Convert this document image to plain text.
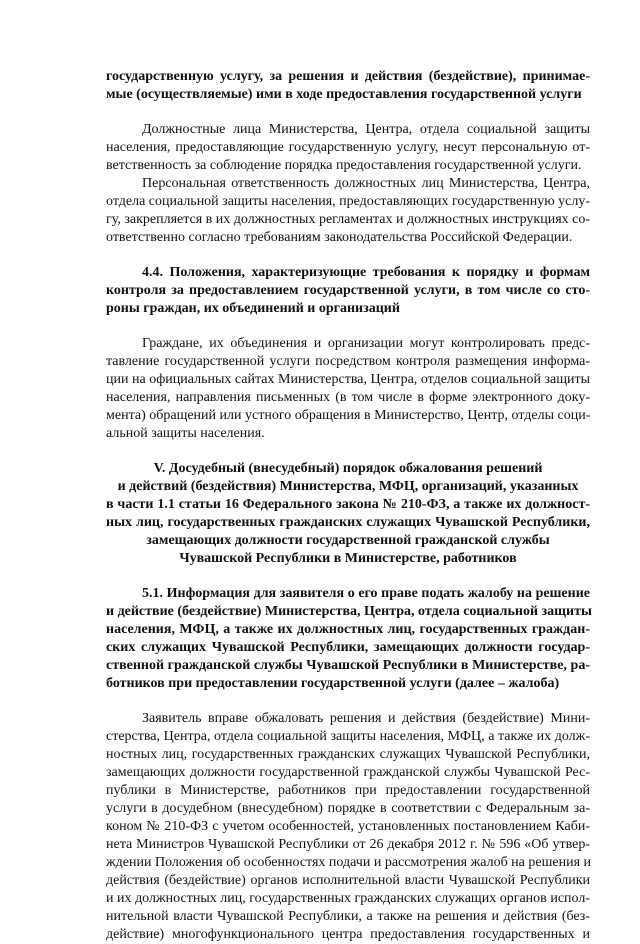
государственную услугу, за решения и действия (бездействие), принимае-
мые (осуществляемые) ими в ходе предоставления государственной услуги
Должностные лица Министерства, Центра, отдела социальной защиты
населения, предоставляющие государственную услугу, несут персональную от-
ветственность за соблюдение порядка предоставления государственной услуги.
Персональная ответственность должностных лиц Министерства, Центра,
отдела социальной защиты населения, предоставляющих государственную услу-
гу, закрепляется в их должностных регламентах и должностных инструкциях со-
ответственно согласно требованиям законодательства Российской Федерации.
4.4. Положения, характеризующие требования к порядку и формам
контроля за предоставлением государственной услуги, в том числе со сто-
роны граждан, их объединений и организаций
Граждане, их объединения и организации могут контролировать предс-
тавление государственной услуги посредством контроля размещения информа-
ции на официальных сайтах Министерства, Центра, отделов социальной защиты
населения, направления письменных (в том числе в форме электронного доку-
мента) обращений или устного обращения в Министерство, Центр, отделы соци-
альной защиты населения.
V. Досудебный (внесудебный) порядок обжалования решений
и действий (бездействия) Министерства, МФЦ, организаций, указанных
в части 1.1 статьи 16 Федерального закона № 210-ФЗ, а также их должност-
ных лиц, государственных гражданских служащих Чувашской Республики,
замещающих должности государственной гражданской службы
Чувашской Республики в Министерстве, работников
5.1. Информация для заявителя о его праве подать жалобу на решение
и действие (бездействие) Министерства, Центра, отдела социальной защиты
населения, МФЦ, а также их должностных лиц, государственных граждан-
ских служащих Чувашской Республики, замещающих должности государ-
ственной гражданской службы Чувашской Республики в Министерстве, ра-
ботников при предоставлении государственной услуги (далее – жалоба)
Заявитель вправе обжаловать решения и действия (бездействие) Мини-
стерства, Центра, отдела социальной защиты населения, МФЦ, а также их долж-
ностных лиц, государственных гражданских служащих Чувашской Республики,
замещающих должности государственной гражданской службы Чувашской Рес-
публики в Министерстве, работников при предоставлении государственной
услуги в досудебном (внесудебном) порядке в соответствии с Федеральным за-
коном № 210-ФЗ с учетом особенностей, установленных постановлением Каби-
нета Министров Чувашской Республики от 26 декабря 2012 г. № 596 «Об утвер-
ждении Положения об особенностях подачи и рассмотрения жалоб на решения и
действия (бездействие) органов исполнительной власти Чувашской Республики
и их должностных лиц, государственных гражданских служащих органов испол-
нительной власти Чувашской Республики, а также на решения и действия (без-
действие) многофункционального центра предоставления государственных и
